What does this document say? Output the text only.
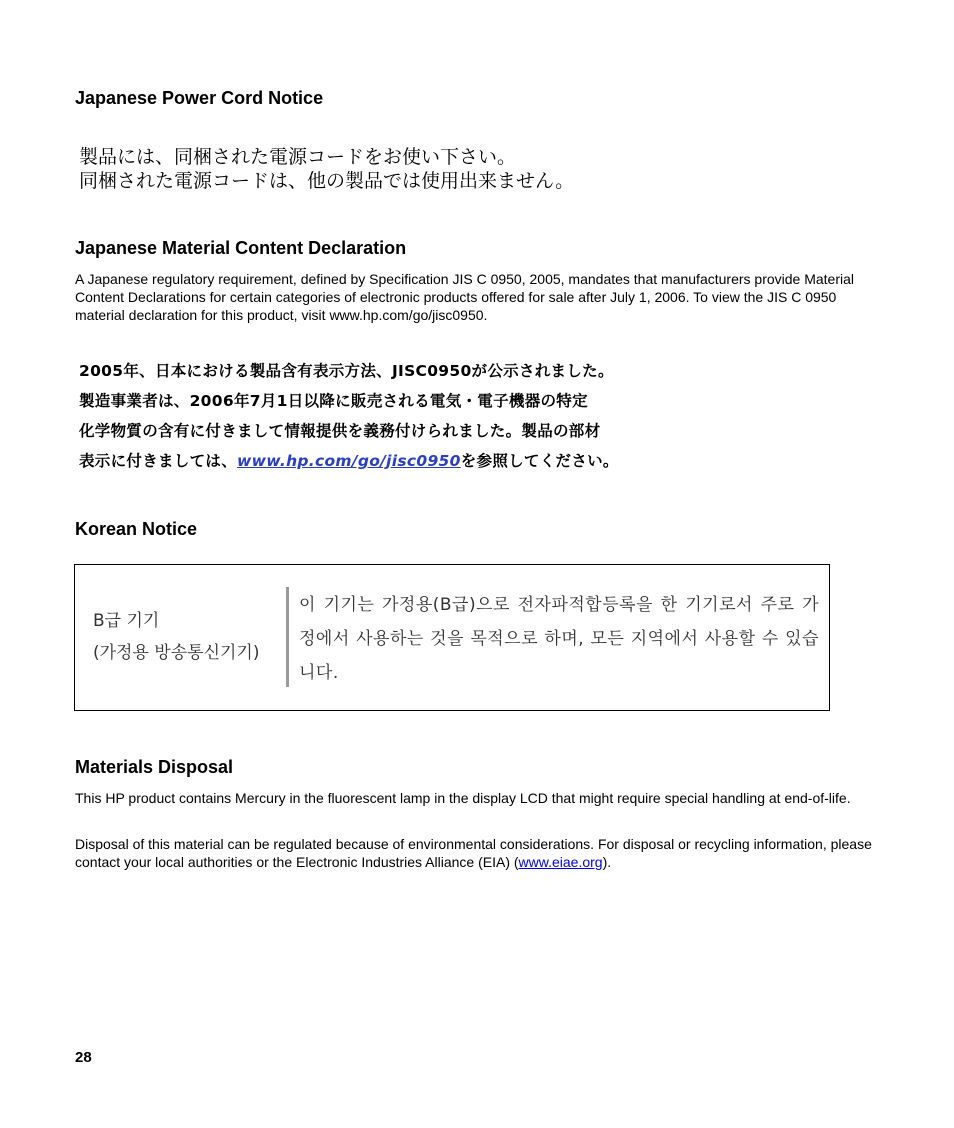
Japanese Power Cord Notice
製品には、同梱された電源コードをお使い下さい。
同梱された電源コードは、他の製品では使用出来ません。
Japanese Material Content Declaration

A Japanese regulatory requirement, defined by Specification JIS C 0950, 2005, mandates that manufacturers provide Material Content Declarations for certain categories of electronic products offered for sale after July 1, 2006. To view the JIS C 0950 material declaration for this product, visit www.hp.com/go/jisc0950.

2005年、日本における製品含有表示方法、JISC0950が公示されました。
製造事業者は、2006年7月1日以降に販売される電気・電子機器の特定
化学物質の含有に付きまして情報提供を義務付けられました。製品の部材
表示に付きましては、www.hp.com/go/jisc0950を参照してください。
Korean Notice
B급 기기
(가정용 방송통신기기)
이 기기는 가정용(B급)으로 전자파적합등록을 한 기기로서 주로 가정에서 사용하는 것을 목적으로 하며, 모든 지역에서 사용할 수 있습니다.
Materials Disposal

This HP product contains Mercury in the fluorescent lamp in the display LCD that might require special handling at end-of-life.

Disposal of this material can be regulated because of environmental considerations. For disposal or recycling information, please contact your local authorities or the Electronic Industries Alliance (EIA) (www.eiae.org).

28
